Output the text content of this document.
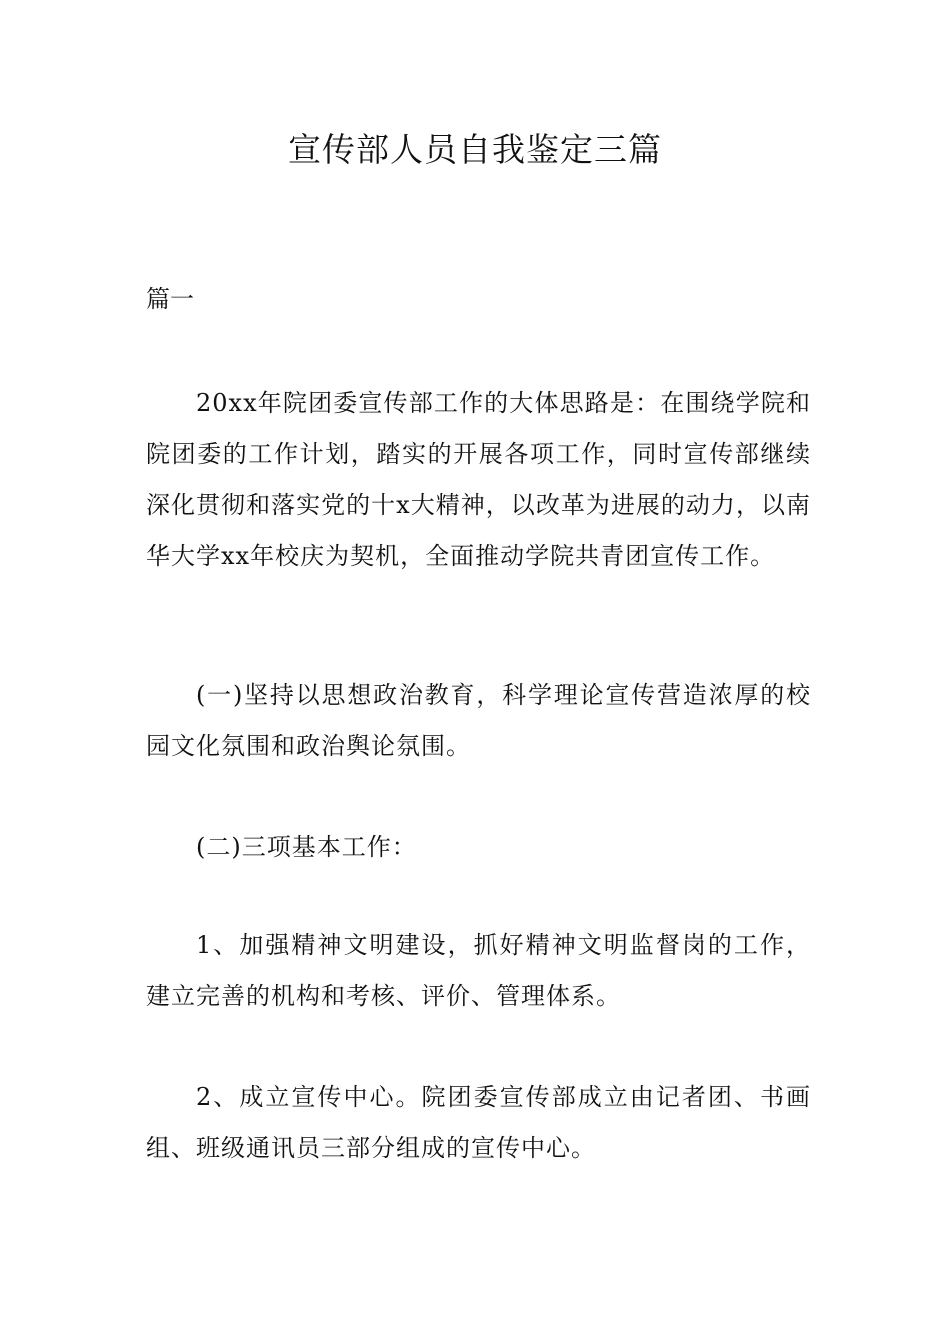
宣传部人员自我鉴定三篇
篇一

20xx年院团委宣传部工作的大体思路是：在围绕学院和院团委的工作计划，踏实的开展各项工作，同时宣传部继续深化贯彻和落实党的十x大精神，以改革为进展的动力，以南华大学xx年校庆为契机，全面推动学院共青团宣传工作。

(一)坚持以思想政治教育，科学理论宣传营造浓厚的校园文化氛围和政治舆论氛围。

(二)三项基本工作：

1、加强精神文明建设，抓好精神文明监督岗的工作，建立完善的机构和考核、评价、管理体系。

2、成立宣传中心。院团委宣传部成立由记者团、书画组、班级通讯员三部分组成的宣传中心。
